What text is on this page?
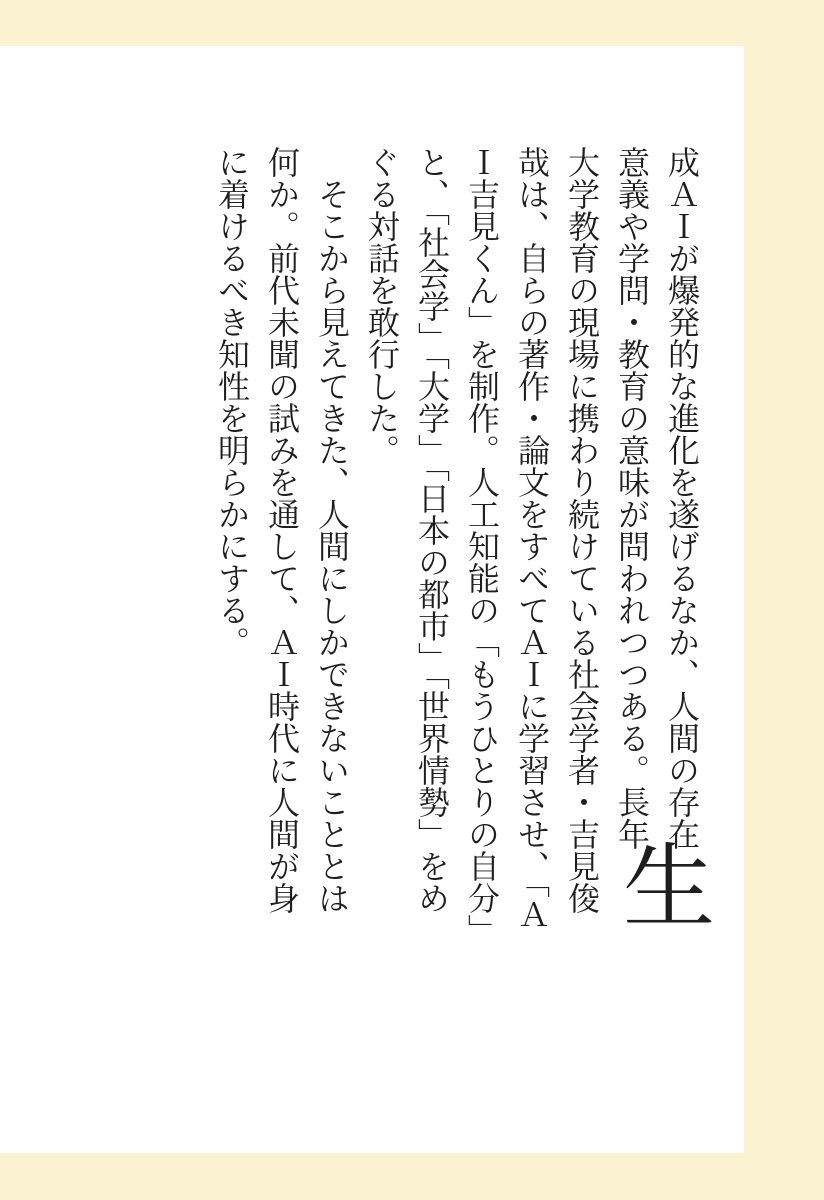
生
成ＡＩが爆発的な進化を遂げるなか、人間の存在意義や学問・教育の意味が問われつつある。長年大学教育の現場に携わり続けている社会学者・吉見俊哉は、自らの著作・論文をすべてＡＩに学習させ、「ＡＩ吉見くん」を制作。人工知能の「もうひとりの自分」と、「社会学」「大学」「日本の都市」「世界情勢」をめぐる対話を敢行した。

そこから見えてきた、人間にしかできないこととは何か。前代未聞の試みを通して、ＡＩ時代に人間が身に着けるべき知性を明らかにする。
